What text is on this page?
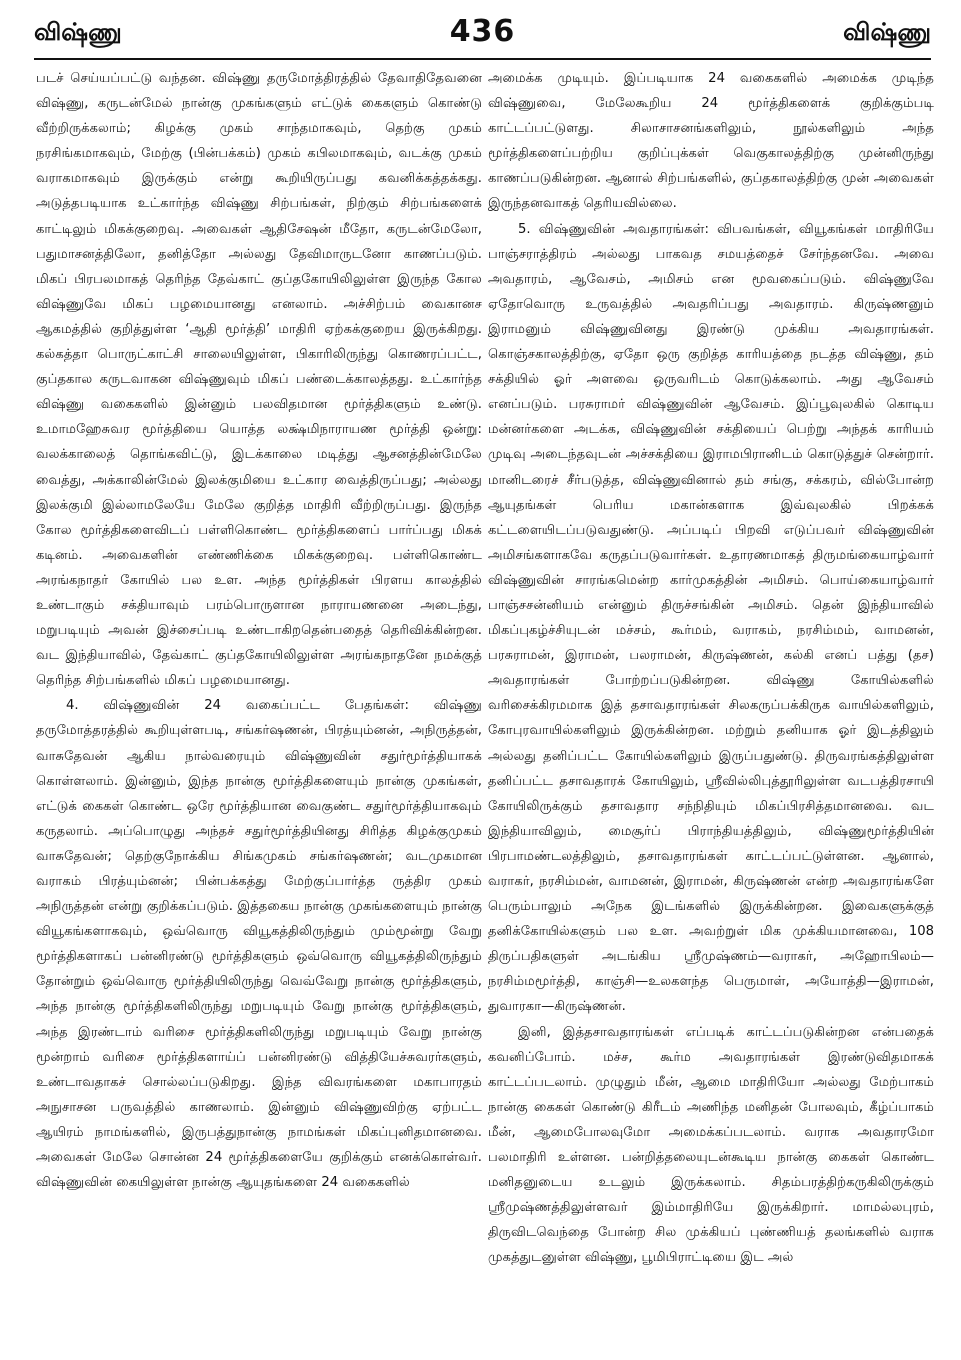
விஷ்ணு	436	விஷ்ணு

படச் செய்யப்பட்டு வந்தன. விஷ்ணு தருமோத்திரத்தில் தேவாதிதேவனை விஷ்ணு, கருடன்மேல் நான்கு முகங்களும் எட்டுக் கைகளும் கொண்டு வீற்றிருக்கலாம்; கிழக்கு முகம் சாந்தமாகவும், தெற்கு முகம் நரசிங்கமாகவும், மேற்கு (பின்பக்கம்) முகம் கபிலமாகவும், வடக்கு முகம் வராகமாகவும் இருக்கும் என்று கூறியிருப்பது கவனிக்கத்தக்கது. அடுத்தபடியாக உட்கார்ந்த விஷ்ணு சிற்பங்கள், நிற்கும் சிற்பங்களைக் காட்டிலும் மிகக்குறைவு. அவைகள் ஆதிசேஷன் மீதோ, கருடன்மேலோ, பதுமாசனத்திலோ, தனித்தோ அல்லது தேவிமாருடனோ காணப்படும். மிகப் பிரபலமாகத் தெரிந்த தேவ்காட் குப்தகோயிலிலுள்ள இருந்த கோல விஷ்ணுவே மிகப் பழமையானது எனலாம். அச்சிற்பம் வைகானச ஆகமத்தில் குறித்துள்ள ‘ஆதி மூர்த்தி’ மாதிரி ஏற்கக்குறைய இருக்கிறது. கல்கத்தா பொருட்காட்சி சாலையிலுள்ள, பிகாரிலிருந்து கொணரப்பட்ட, குப்தகால கருடவாகன விஷ்ணுவும் மிகப் பண்டைக்காலத்தது. உட்கார்ந்த விஷ்ணு வகைகளில் இன்னும் பலவிதமான மூர்த்திகளும் உண்டு. உமாமஹேசுவர மூர்த்தியை யொத்த லக்ஷ்மிநாராயண மூர்த்தி ஒன்று: வலக்காலைத் தொங்கவிட்டு, இடக்காலை மடித்து ஆசனத்தின்மேலே வைத்து, அக்காலின்மேல் இலக்குமியை உட்கார வைத்திருப்பது; அல்லது இலக்குமி இல்லாமலேயே மேலே குறித்த மாதிரி வீற்றிருப்பது. இருந்த கோல மூர்த்திகளைவிடப் பள்ளிகொண்ட மூர்த்திகளைப் பார்ப்பது மிகக் கடினம். அவைகளின் எண்ணிக்கை மிகக்குறைவு. பள்ளிகொண்ட அரங்கநாதர் கோயில் பல உள. அந்த மூர்த்திகள் பிரளய காலத்தில் உண்டாகும் சக்தியாவும் பரம்பொருளான நாராயணனை அடைந்து, மறுபடியும் அவன் இச்சைப்படி உண்டாகிறதென்பதைத் தெரிவிக்கின்றன. வட இந்தியாவில், தேவ்காட் குப்தகோயிலிலுள்ள அரங்கநாதனே நமக்குத் தெரிந்த சிற்பங்களில் மிகப் பழமையானது.

4. விஷ்ணுவின் 24 வகைப்பட்ட பேதங்கள்: விஷ்ணு தருமோத்தரத்தில் கூறியுள்ளபடி, சங்கர்ஷணன், பிரத்யும்னன், அநிருத்தன், வாசுதேவன் ஆகிய நால்வரையும் விஷ்ணுவின் சதுர்மூர்த்தியாகக் கொள்ளலாம். இன்னும், இந்த நான்கு மூர்த்திகளையும் நான்கு முகங்கள், எட்டுக் கைகள் கொண்ட ஒரே மூர்த்தியான வைகுண்ட சதுர்மூர்த்தியாகவும் கருதலாம். அப்பொழுது அந்தச் சதுர்மூர்த்தியினது சிரித்த கிழக்குமுகம் வாசுதேவன்; தெற்குநோக்கிய சிங்கமுகம் சங்கர்ஷணன்; வடமுகமான வராகம் பிரத்யும்னன்; பின்பக்கத்து மேற்குப்பார்த்த ருத்திர முகம் அநிருத்தன் என்று குறிக்கப்படும். இத்தகைய நான்கு முகங்களையும் நான்கு வியூகங்களாகவும், ஒவ்வொரு வியூகத்திலிருந்தும் மும்மூன்று வேறு மூர்த்திகளாகப் பன்னிரண்டு மூர்த்திகளும் ஒவ்வொரு வியூகத்திலிருந்தும் தோன்றும் ஒவ்வொரு மூர்த்தியிலிருந்து வெவ்வேறு நான்கு மூர்த்திகளும், அந்த நான்கு மூர்த்திகளிலிருந்து மறுபடியும் வேறு நான்கு மூர்த்திகளும், அந்த இரண்டாம் வரிசை மூர்த்திகளிலிருந்து மறுபடியும் வேறு நான்கு மூன்றாம் வரிசை மூர்த்திகளாய்ப் பன்னிரண்டு வித்தியேச்சுவரர்களும், உண்டாவதாகச் சொல்லப்படுகிறது. இந்த விவரங்களை மகாபாரதம் அநுசாசன பருவத்தில் காணலாம். இன்னும் விஷ்ணுவிற்கு ஏற்பட்ட ஆயிரம் நாமங்களில், இருபத்துநான்கு நாமங்கள் மிகப்புனிதமானவை. அவைகள் மேலே சொன்ன 24 மூர்த்திகளையே குறிக்கும் எனக்கொள்வர். விஷ்ணுவின் கையிலுள்ள நான்கு ஆயுதங்களை 24 வகைகளில்

அமைக்க முடியும். இப்படியாக 24 வகைகளில் அமைக்க முடிந்த விஷ்ணுவை, மேலேகூறிய 24 மூர்த்திகளைக் குறிக்கும்படி காட்டப்பட்டுளது. சிலாசாசனங்களிலும், நூல்களிலும் அந்த மூர்த்திகளைப்பற்றிய குறிப்புக்கள் வெகுகாலத்திற்கு முன்னிருந்து காணப்படுகின்றன. ஆனால் சிற்பங்களில், குப்தகாலத்திற்கு முன் அவைகள் இருந்தனவாகத் தெரியவில்லை.

5. விஷ்ணுவின் அவதாரங்கள்: விபவங்கள், வியூகங்கள் மாதிரியே பாஞ்சராத்திரம் அல்லது பாகவத சமயத்தைச் சேர்ந்தனவே. அவை அவதாரம், ஆவேசம், அமிசம் என மூவகைப்படும். விஷ்ணுவே ஏதோவொரு உருவத்தில் அவதரிப்பது அவதாரம். கிருஷ்ணனும் இராமனும் விஷ்ணுவினது இரண்டு முக்கிய அவதாரங்கள். கொஞ்சகாலத்திற்கு, ஏதோ ஒரு குறித்த காரியத்தை நடத்த விஷ்ணு, தம் சக்தியில் ஓர் அளவை ஒருவரிடம் கொடுக்கலாம். அது ஆவேசம் எனப்படும். பரசுராமர் விஷ்ணுவின் ஆவேசம். இப்பூவுலகில் கொடிய மன்னர்களை அடக்க, விஷ்ணுவின் சக்தியைப் பெற்று அந்தக் காரியம் முடிவு அடைந்தவுடன் அச்சக்தியை இராமபிரானிடம் கொடுத்துச் சென்றார். மானிடரைச் சீர்படுத்த, விஷ்ணுவினால் தம் சங்கு, சக்கரம், வில்போன்ற ஆயுதங்கள் பெரிய மகான்களாக இவ்வுலகில் பிறக்கக் கட்டளையிடப்படுவதுண்டு. அப்படிப் பிறவி எடுப்பவர் விஷ்ணுவின் அமிசங்களாகவே கருதப்படுவார்கள். உதாரணமாகத் திருமங்கையாழ்வார் விஷ்ணுவின் சாரங்கமென்ற கார்முகத்தின் அமிசம். பொய்கையாழ்வார் பாஞ்சசன்னியம் என்னும் திருச்சங்கின் அமிசம். தென் இந்தியாவில் மிகப்புகழ்ச்சியுடன் மச்சம், கூர்மம், வராகம், நரசிம்மம், வாமனன், பரசுராமன், இராமன், பலராமன், கிருஷ்ணன், கல்கி எனப் பத்து (தச) அவதாரங்கள் போற்றப்படுகின்றன. விஷ்ணு கோயில்களில் வரிசைக்கிரமமாக இத் தசாவதாரங்கள் சிலகருப்பக்கிருக வாயில்களிலும், கோபுரவாயில்களிலும் இருக்கின்றன. மற்றும் தனியாக ஓர் இடத்திலும் அல்லது தனிப்பட்ட கோயில்களிலும் இருப்பதுண்டு. திருவரங்கத்திலுள்ள தனிப்பட்ட தசாவதாரக் கோயிலும், ஸ்ரீவில்லிபுத்தூரிலுள்ள வடபத்திரசாயி கோயிலிருக்கும் தசாவதார சந்நிதியும் மிகப்பிரசித்தமானவை. வட இந்தியாவிலும், மைசூர்ப் பிராந்தியத்திலும், விஷ்ணுமூர்த்தியின் பிரபாமண்டலத்திலும், தசாவதாரங்கள் காட்டப்பட்டுள்ளன. ஆனால், வராகர், நரசிம்மன், வாமனன், இராமன், கிருஷ்ணன் என்ற அவதாரங்களே பெரும்பாலும் அநேக இடங்களில் இருக்கின்றன. இவைகளுக்குத் தனிக்கோயில்களும் பல உள. அவற்றுள் மிக முக்கியமானவை, 108 திருப்பதிகளுள் அடங்கிய ஸ்ரீமுஷ்ணம்—வராகர், அஹோபிலம்—நரசிம்மமூர்த்தி, காஞ்சி—உலகளந்த பெருமாள், அயோத்தி—இராமன், துவாரகா—கிருஷ்ணன்.

இனி, இத்தசாவதாரங்கள் எப்படிக் காட்டப்படுகின்றன என்பதைக் கவனிப்போம். மச்ச, கூர்ம அவதாரங்கள் இரண்டுவிதமாகக் காட்டப்படலாம். முழுதும் மீன், ஆமை மாதிரியோ அல்லது மேற்பாகம் நான்கு கைகள் கொண்டு கிரீடம் அணிந்த மனிதன் போலவும், கீழ்ப்பாகம் மீன், ஆமைபோலவுமோ அமைக்கப்படலாம். வராக அவதாரமோ பலமாதிரி உள்ளன. பன்றித்தலையுடன்கூடிய நான்கு கைகள் கொண்ட மனிதனுடைய உடலும் இருக்கலாம். சிதம்பரத்திற்கருகிலிருக்கும் ஸ்ரீமுஷ்ணத்திலுள்ளவர் இம்மாதிரியே இருக்கிறார். மாமல்லபுரம், திருவிடவெந்தை போன்ற சில முக்கியப் புண்ணியத் தலங்களில் வராக முகத்துடனுள்ள விஷ்ணு, பூமிபிராட்டியை இட அல்
